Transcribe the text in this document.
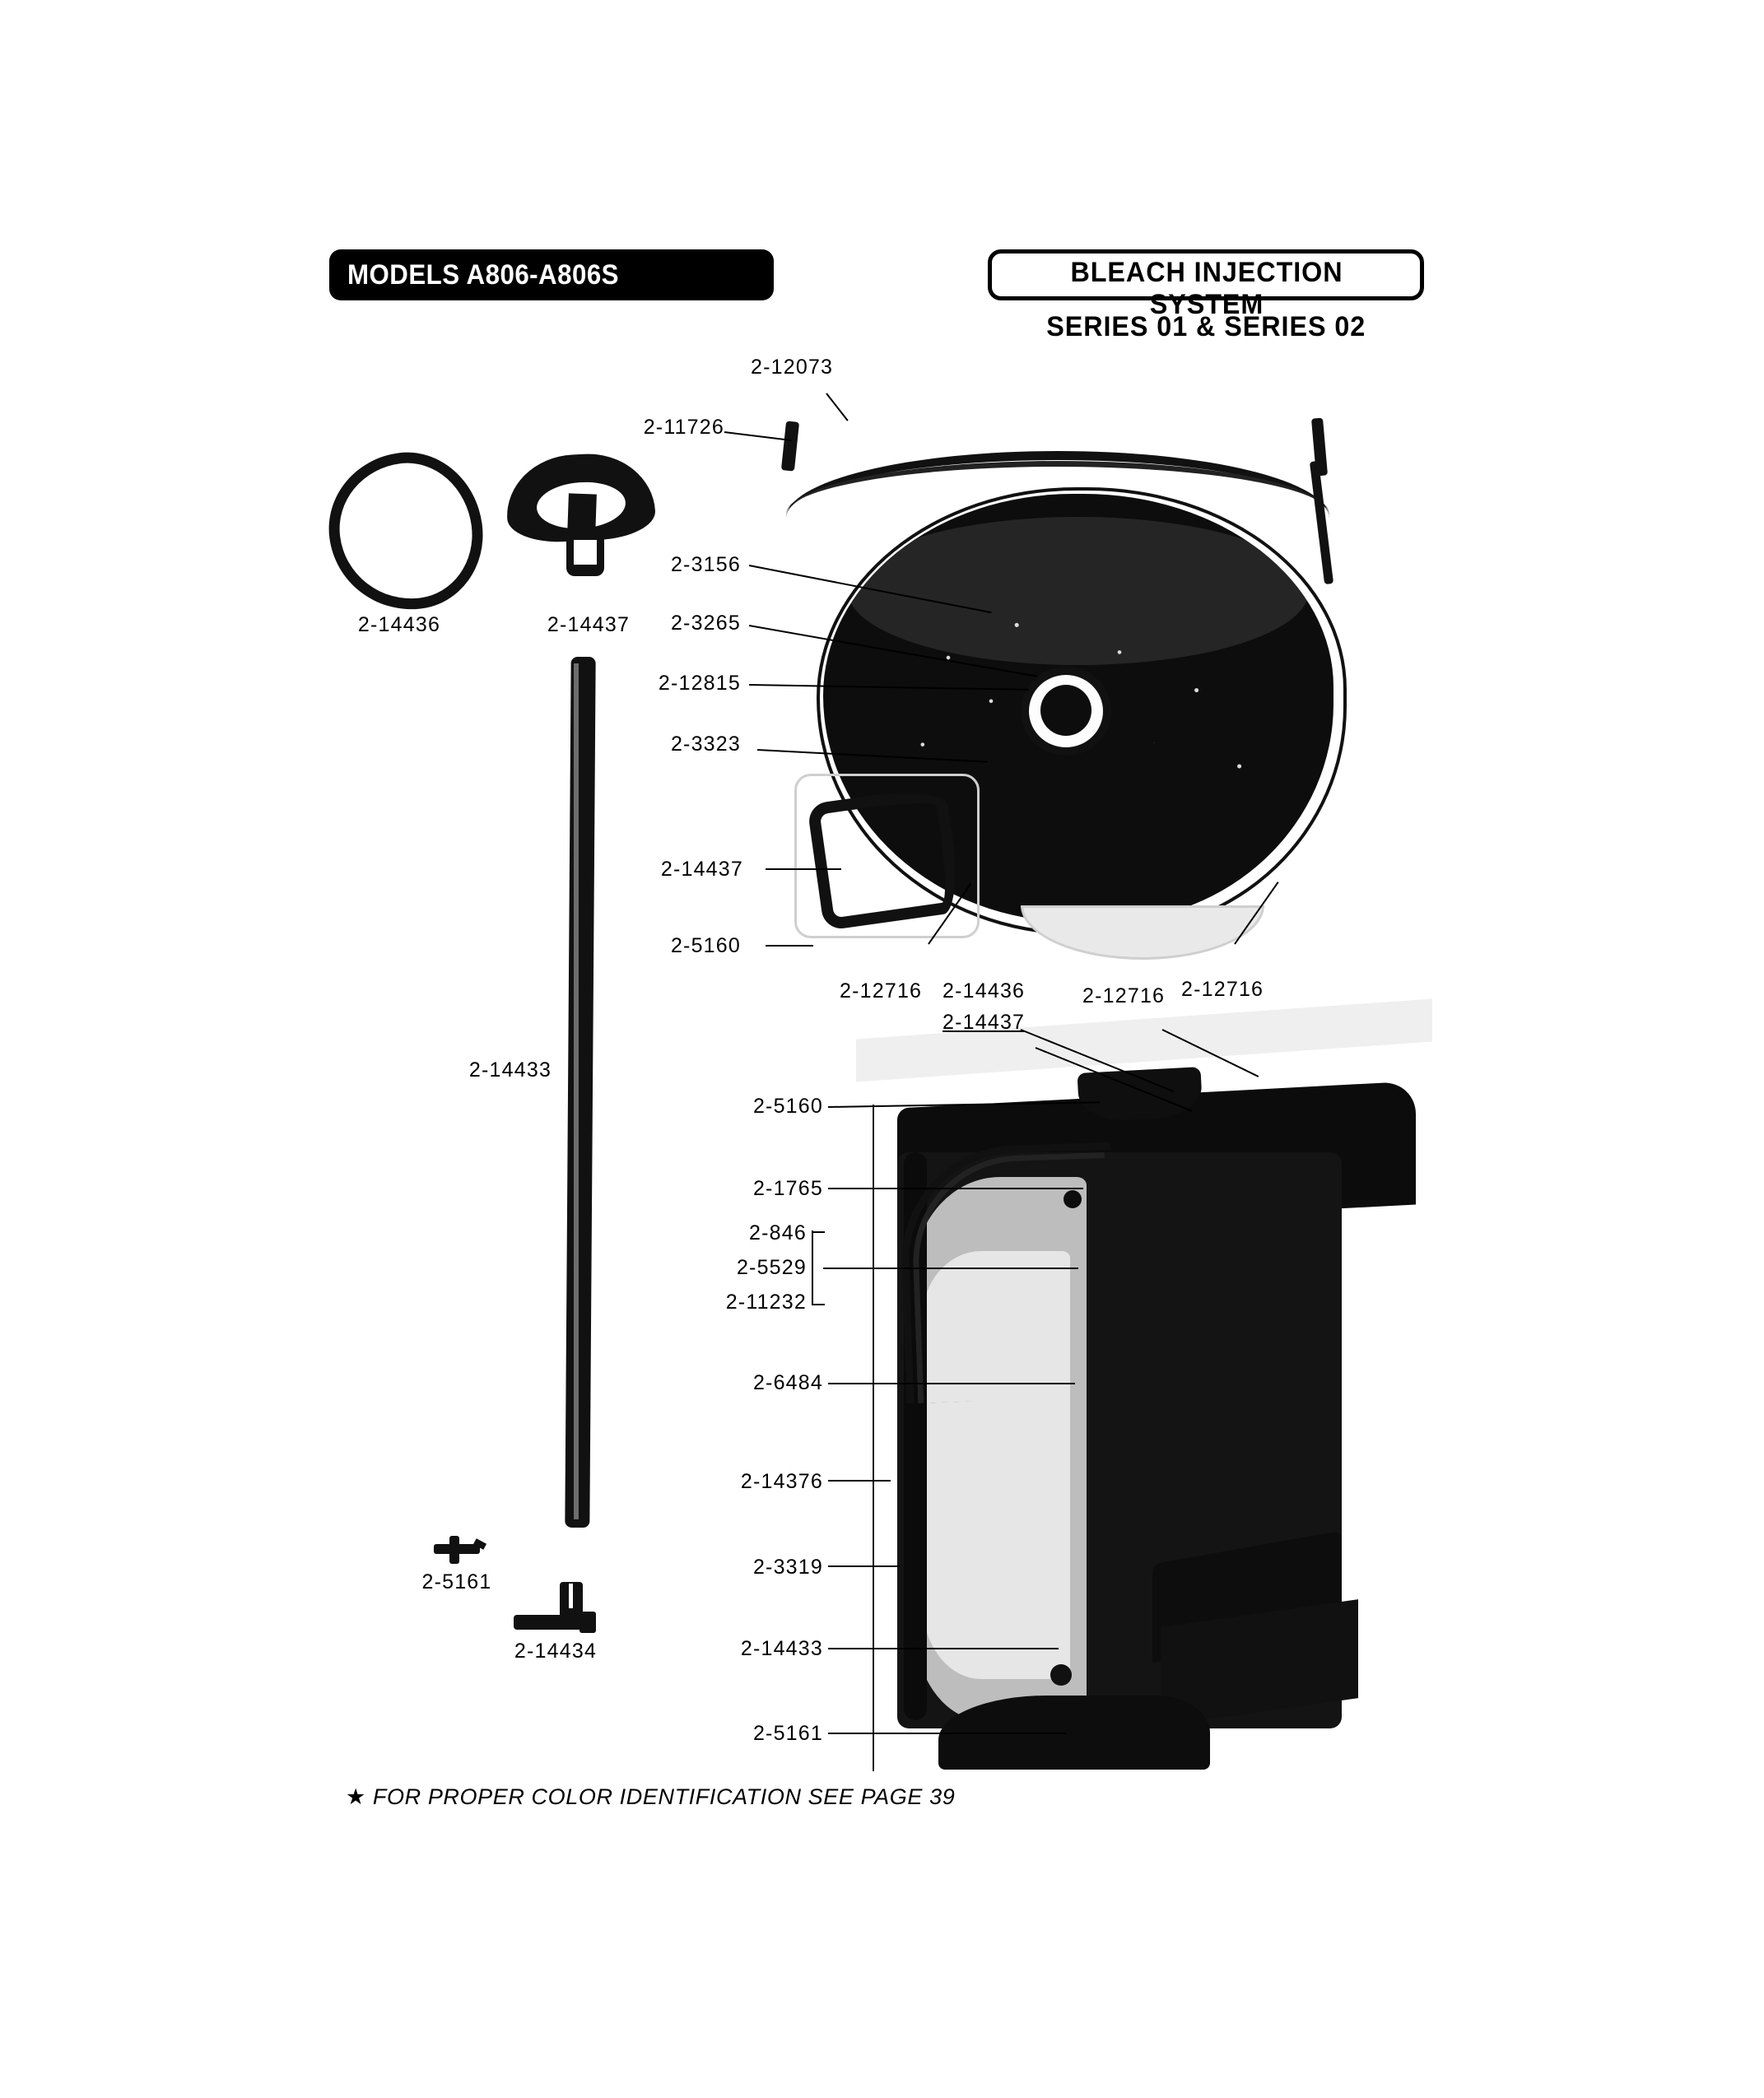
MODELS A806-A806S	BLEACH INJECTION SYSTEM
SERIES 01 & SERIES 02
2-12073
2-11726
2-14436	2-14437
2-3156
2-3265
2-12815
2-3323
2-14437
2-5160
2-12716 2-14436
2-14437
2-12716 2-12716
2-5160
2-14433
2-1765
2-846
2-5529
2-11232
2-6484
2-14376
2-3319
2-14433
2-5161
2-5161
2-14434
★ FOR PROPER COLOR IDENTIFICATION SEE PAGE 39
